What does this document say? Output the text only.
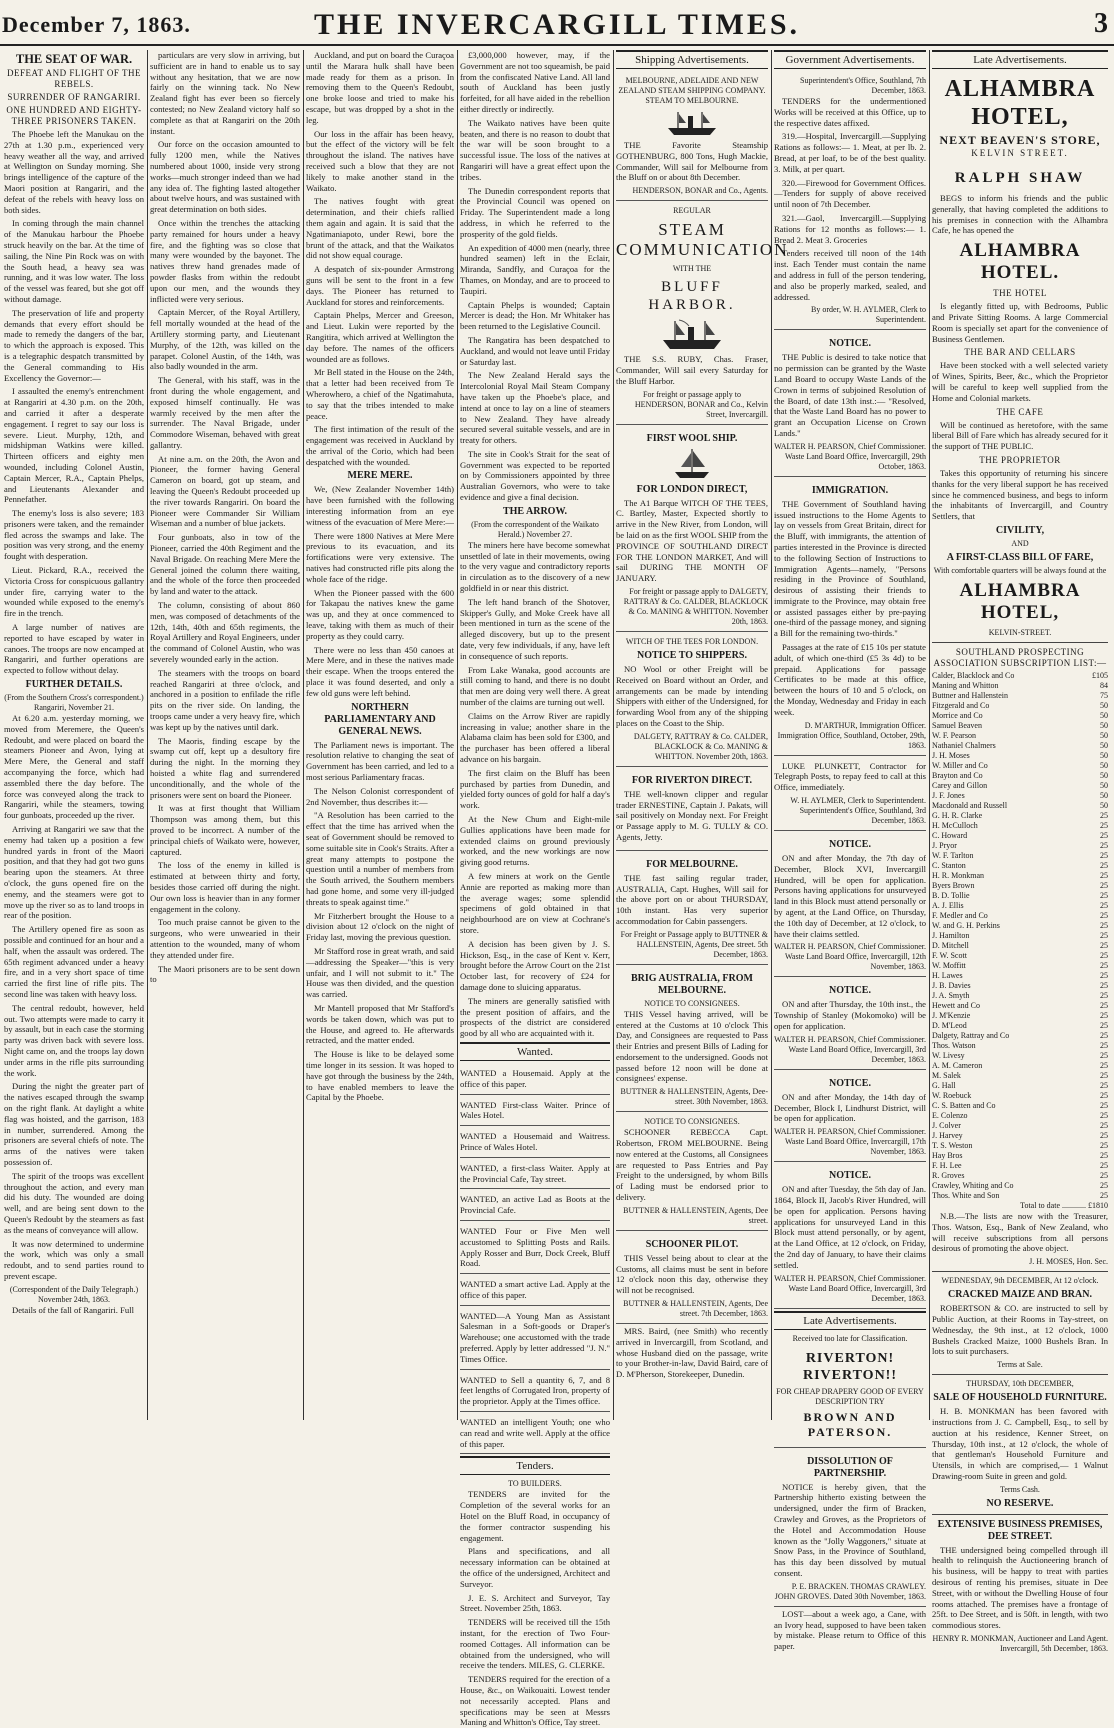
December 7, 1863.	THE INVERCARGILL TIMES.	3
THE SEAT OF WAR.
DEFEAT AND FLIGHT OF THE REBELS.
SURRENDER OF RANGARIRI.
ONE HUNDRED AND EIGHTY-THREE PRISONERS TAKEN.

The Phoebe left the Manukau on the 27th at 1.30 p.m., experienced very heavy weather all the way, and arrived at Wellington on Sunday morning. She brings intelligence of the capture of the Maori position at Rangariri, and the defeat of the rebels with heavy loss on both sides.

In coming through the main channel of the Manukau harbour the Phoebe struck heavily on the bar. At the time of sailing, the Nine Pin Rock was on with the South head, a heavy sea was running, and it was low water. The loss of the vessel was feared, but she got off without damage.

The preservation of life and property demands that every effort should be made to remedy the dangers of the bar, to which the approach is exposed. This is a telegraphic despatch transmitted by the General commanding to His Excellency the Governor:—

I assaulted the enemy's entrenchment at Rangariri at 4.30 p.m. on the 20th, and carried it after a desperate engagement. I regret to say our loss is severe. Lieut. Murphy, 12th, and midshipman Watkins were killed. Thirteen officers and eighty men wounded, including Colonel Austin, Captain Mercer, R.A., Captain Phelps, and Lieutenants Alexander and Pennefather.

The enemy's loss is also severe; 183 prisoners were taken, and the remainder fled across the swamps and lake. The position was very strong, and the enemy fought with desperation.

Lieut. Pickard, R.A., received the Victoria Cross for conspicuous gallantry under fire, carrying water to the wounded while exposed to the enemy's fire in the trench.

A large number of natives are reported to have escaped by water in canoes. The troops are now encamped at Rangariri, and further operations are expected to follow without delay.

FURTHER DETAILS.
(From the Southern Cross's correspondent.) Rangariri, November 21.

At 6.20 a.m. yesterday morning, we moved from Meremere, the Queen's Redoubt, and were placed on board the steamers Pioneer and Avon, lying at Mere Mere, the General and staff accompanying the force, which had assembled there the day before. The force was conveyed along the track to Rangariri, while the steamers, towing four gunboats, proceeded up the river.

Arriving at Rangariri we saw that the enemy had taken up a position a few hundred yards in front of the Maori position, and that they had got two guns bearing upon the steamers. At three o'clock, the guns opened fire on the enemy, and the steamers were got to move up the river so as to land troops in rear of the position.

The Artillery opened fire as soon as possible and continued for an hour and a half, when the assault was ordered. The 65th regiment advanced under a heavy fire, and in a very short space of time carried the first line of rifle pits. The second line was taken with heavy loss.

The central redoubt, however, held out. Two attempts were made to carry it by assault, but in each case the storming party was driven back with severe loss. Night came on, and the troops lay down under arms in the rifle pits surrounding the work.

During the night the greater part of the natives escaped through the swamp on the right flank. At daylight a white flag was hoisted, and the garrison, 183 in number, surrendered. Among the prisoners are several chiefs of note. The arms of the natives were taken possession of.

The spirit of the troops was excellent throughout the action, and every man did his duty. The wounded are doing well, and are being sent down to the Queen's Redoubt by the steamers as fast as the means of conveyance will allow.

It was now determined to undermine the work, which was only a small redoubt, and to send parties round to prevent escape.

(Correspondent of the Daily Telegraph.) November 24th, 1863.

Details of the fall of Rangariri. Full

particulars are very slow in arriving, but sufficient are in hand to enable us to say without any hesitation, that we are now fairly on the winning tack. No New Zealand fight has ever been so fiercely contested; no New Zealand victory half so complete as that at Rangariri on the 20th instant.

Our force on the occasion amounted to fully 1200 men, while the Natives numbered about 1000, inside very strong works—much stronger indeed than we had any idea of. The fighting lasted altogether about twelve hours, and was sustained with great determination on both sides.

Once within the trenches the attacking party remained for hours under a heavy fire, and the fighting was so close that many were wounded by the bayonet. The natives threw hand grenades made of powder flasks from within the redoubt upon our men, and the wounds they inflicted were very serious.

Captain Mercer, of the Royal Artillery, fell mortally wounded at the head of the Artillery storming party, and Lieutenant Murphy, of the 12th, was killed on the parapet. Colonel Austin, of the 14th, was also badly wounded in the arm.

The General, with his staff, was in the front during the whole engagement, and exposed himself continually. He was warmly received by the men after the surrender. The Naval Brigade, under Commodore Wiseman, behaved with great gallantry.

At nine a.m. on the 20th, the Avon and Pioneer, the former having General Cameron on board, got up steam, and leaving the Queen's Redoubt proceeded up the river towards Rangariri. On board the Pioneer were Commander Sir William Wiseman and a number of blue jackets.

Four gunboats, also in tow of the Pioneer, carried the 40th Regiment and the Naval Brigade. On reaching Mere Mere the General joined the column there waiting, and the whole of the force then proceeded by land and water to the attack.

The column, consisting of about 860 men, was composed of detachments of the 12th, 14th, 40th and 65th regiments, the Royal Artillery and Royal Engineers, under the command of Colonel Austin, who was severely wounded early in the action.

The steamers with the troops on board reached Rangariri at three o'clock, and anchored in a position to enfilade the rifle pits on the river side. On landing, the troops came under a very heavy fire, which was kept up by the natives until dark.

The Maoris, finding escape by the swamp cut off, kept up a desultory fire during the night. In the morning they hoisted a white flag and surrendered unconditionally, and the whole of the prisoners were sent on board the Pioneer.

It was at first thought that William Thompson was among them, but this proved to be incorrect. A number of the principal chiefs of Waikato were, however, captured.

The loss of the enemy in killed is estimated at between thirty and forty, besides those carried off during the night. Our own loss is heavier than in any former engagement in the colony.

Too much praise cannot be given to the surgeons, who were unwearied in their attention to the wounded, many of whom they attended under fire.

The Maori prisoners are to be sent down to

Auckland, and put on board the Curaçoa until the Marara hulk shall have been made ready for them as a prison. In removing them to the Queen's Redoubt, one broke loose and tried to make his escape, but was dropped by a shot in the leg.

Our loss in the affair has been heavy, but the effect of the victory will be felt throughout the island. The natives have received such a blow that they are not likely to make another stand in the Waikato.

The natives fought with great determination, and their chiefs rallied them again and again. It is said that the Ngatimaniapoto, under Rewi, bore the brunt of the attack, and that the Waikatos did not show equal courage.

A despatch of six-pounder Armstrong guns will be sent to the front in a few days. The Pioneer has returned to Auckland for stores and reinforcements.

Captain Phelps, Mercer and Greeson, and Lieut. Lukin were reported by the Rangitira, which arrived at Wellington the day before. The names of the officers wounded are as follows.

Mr Bell stated in the House on the 24th, that a letter had been received from Te Wherowhero, a chief of the Ngatimahuta, to say that the tribes intended to make peace.

The first intimation of the result of the engagement was received in Auckland by the arrival of the Corio, which had been despatched with the wounded.

MERE MERE.

We, (New Zealander November 14th) have been furnished with the following interesting information from an eye witness of the evacuation of Mere Mere:—

There were 1800 Natives at Mere Mere previous to its evacuation, and its fortifications were very extensive. The natives had constructed rifle pits along the whole face of the ridge.

When the Pioneer passed with the 600 for Takapau the natives knew the game was up, and they at once commenced to leave, taking with them as much of their property as they could carry.

There were no less than 450 canoes at Mere Mere, and in these the natives made their escape. When the troops entered the place it was found deserted, and only a few old guns were left behind.

NORTHERN PARLIAMENTARY AND GENERAL NEWS.

The Parliament news is important. The resolution relative to changing the seat of Government has been carried, and led to a most serious Parliamentary fracas.

The Nelson Colonist correspondent of 2nd November, thus describes it:—

"A Resolution has been carried to the effect that the time has arrived when the seat of Government should be removed to some suitable site in Cook's Straits. After a great many attempts to postpone the question until a number of members from the South arrived, the Southern members had gone home, and some very ill-judged threats to speak against time."

Mr Fitzherbert brought the House to a division about 12 o'clock on the night of Friday last, moving the previous question.

Mr Stafford rose in great wrath, and said—addressing the Speaker—"this is very unfair, and I will not submit to it." The House was then divided, and the question was carried.

Mr Mantell proposed that Mr Stafford's words be taken down, which was put to the House, and agreed to. He afterwards retracted, and the matter ended.

The House is like to be delayed some time longer in its session. It was hoped to have got through the business by the 24th, to have enabled members to leave the Capital by the Phoebe.

£3,000,000 however, may, if the Government are not too squeamish, be paid from the confiscated Native Land. All land south of Auckland has been justly forfeited, for all have aided in the rebellion either directly or indirectly.

The Waikato natives have been quite beaten, and there is no reason to doubt that the war will be soon brought to a successful issue. The loss of the natives at Rangariri will have a great effect upon the tribes.

The Dunedin correspondent reports that the Provincial Council was opened on Friday. The Superintendent made a long address, in which he referred to the prosperity of the gold fields.

An expedition of 4000 men (nearly, three hundred seamen) left in the Eclair, Miranda, Sandfly, and Curaçoa for the Thames, on Monday, and are to proceed to Taupiri.

Captain Phelps is wounded; Captain Mercer is dead; the Hon. Mr Whitaker has been returned to the Legislative Council.

The Rangatira has been despatched to Auckland, and would not leave until Friday or Saturday last.

The New Zealand Herald says the Intercolonial Royal Mail Steam Company have taken up the Phoebe's place, and intend at once to lay on a line of steamers to New Zealand. They have already secured several suitable vessels, and are in treaty for others.

The site in Cook's Strait for the seat of Government was expected to be reported on by Commissioners appointed by three Australian Governors, who were to take evidence and give a final decision.

THE ARROW.
(From the correspondent of the Waikato Herald.) November 27.

The miners here have become somewhat unsettled of late in their movements, owing to the very vague and contradictory reports in circulation as to the discovery of a new goldfield in or near this district.

The left hand branch of the Shotover, Skipper's Gully, and Moke Creek have all been mentioned in turn as the scene of the alleged discovery, but up to the present date, very few individuals, if any, have left in consequence of such reports.

From Lake Wanaka, good accounts are still coming to hand, and there is no doubt that men are doing very well there. A great number of the claims are turning out well.

Claims on the Arrow River are rapidly increasing in value; another share in the Alabama claim has been sold for £300, and the purchaser has been offered a liberal advance on his bargain.

The first claim on the Bluff has been purchased by parties from Dunedin, and yielded forty ounces of gold for half a day's work.

At the New Chum and Eight-mile Gullies applications have been made for extended claims on ground previously worked, and the new workings are now giving good returns.

A few miners at work on the Gentle Annie are reported as making more than the average wages; some splendid specimens of gold obtained in that neighbourhood are on view at Cochrane's store.

A decision has been given by J. S. Hickson, Esq., in the case of Kent v. Kerr, brought before the Arrow Court on the 21st October last, for recovery of £24 for damage done to sluicing apparatus.

The miners are generally satisfied with the present position of affairs, and the prospects of the district are considered good by all who are acquainted with it.

Wanted.
WANTED a Housemaid. Apply at the office of this paper.
WANTED First-class Waiter. Prince of Wales Hotel.
WANTED a Housemaid and Waitress. Prince of Wales Hotel.
WANTED, a first-class Waiter. Apply at the Provincial Cafe, Tay street.
WANTED, an active Lad as Boots at the Provincial Cafe.
WANTED Four or Five Men well accustomed to Splitting Posts and Rails. Apply Rosser and Burr, Dock Creek, Bluff Road.
WANTED a smart active Lad. Apply at the office of this paper.
WANTED—A Young Man as Assistant Salesman in a Soft-goods or Draper's Warehouse; one accustomed with the trade preferred. Apply by letter addressed "J. N." Times Office.
WANTED to Sell a quantity 6, 7, and 8 feet lengths of Corrugated Iron, property of the proprietor. Apply at the Times office.
WANTED an intelligent Youth; one who can read and write well. Apply at the office of this paper.
Tenders.
TO BUILDERS.

TENDERS are invited for the Completion of the several works for an Hotel on the Bluff Road, in occupancy of the former contractor suspending his engagement.

Plans and specifications, and all necessary information can be obtained at the office of the undersigned, Architect and Surveyor.

J. E. S. Architect and Surveyor, Tay Street. November 25th, 1863.

TENDERS will be received till the 15th instant, for the erection of Two Four-roomed Cottages. All information can be obtained from the undersigned, who will receive the tenders. MILES, G. CLERKE.

TENDERS required for the erection of a House, &c., on Waikouaiti. Lowest tender not necessarily accepted. Plans and specifications may be seen at Messrs Maning and Whitton's Office, Tay street.

Shipping Advertisements.
MELBOURNE, ADELAIDE AND NEW ZEALAND STEAM SHIPPING COMPANY.
STEAM TO MELBOURNE.

THE Favorite Steamship GOTHENBURG, 800 Tons, Hugh Mackie, Commander, Will sail for Melbourne from the Bluff on or about 8th December.

HENDERSON, BONAR and Co., Agents.
REGULAR
STEAM COMMUNICATION
WITH THE
BLUFF HARBOR.

THE S.S. RUBY, Chas. Fraser, Commander, Will sail every Saturday for the Bluff Harbor.

For freight or passage apply to
HENDERSON, BONAR and Co., Kelvin Street, Invercargill.
FIRST WOOL SHIP.
FOR LONDON DIRECT,

The A1 Barque WITCH OF THE TEES, C. Bartley, Master, Expected shortly to arrive in the New River, from London, will be laid on as the first WOOL SHIP from the PROVINCE OF SOUTHLAND DIRECT FOR THE LONDON MARKET, And will sail DURING THE MONTH OF JANUARY.

For freight or passage apply to DALGETY, RATTRAY & Co. CALDER, BLACKLOCK & Co. MANING & WHITTON. November 20th, 1863.
WITCH OF THE TEES FOR LONDON.
NOTICE TO SHIPPERS.

NO Wool or other Freight will be Received on Board without an Order, and arrangements can be made by intending Shippers with either of the Undersigned, for forwarding Wool from any of the shipping places on the Coast to the Ship.

DALGETY, RATTRAY & Co. CALDER, BLACKLOCK & Co. MANING & WHITTON. November 20th, 1863.
FOR RIVERTON DIRECT.

THE well-known clipper and regular trader ERNESTINE, Captain J. Pakats, will sail positively on Monday next. For Freight or Passage apply to M. G. TULLY & CO. Agents, Jetty.

FOR MELBOURNE.

THE fast sailing regular trader, AUSTRALIA, Capt. Hughes, Will sail for the above port on or about THURSDAY, 10th instant. Has very superior accommodation for Cabin passengers.

For Freight or Passage apply to BUTTNER & HALLENSTEIN, Agents, Dee street. 5th December, 1863.
BRIG AUSTRALIA, FROM MELBOURNE.
NOTICE TO CONSIGNEES.

THIS Vessel having arrived, will be entered at the Customs at 10 o'clock This Day, and Consignees are requested to Pass their Entries and present Bills of Lading for endorsement to the undersigned. Goods not passed before 12 noon will be done at consignees' expense.

BUTTNER & HALLENSTEIN, Agents, Dee-street. 30th November, 1863.
NOTICE TO CONSIGNEES.

SCHOONER REBECCA Capt. Robertson, FROM MELBOURNE. Being now entered at the Customs, all Consignees are requested to Pass Entries and Pay Freight to the undersigned, by whom Bills of Lading must be endorsed prior to delivery.

BUTTNER & HALLENSTEIN, Agents, Dee street.
SCHOONER PILOT.

THIS Vessel being about to clear at the Customs, all claims must be sent in before 12 o'clock noon this day, otherwise they will not be recognised.

BUTTNER & HALLENSTEIN, Agents, Dee street. 7th December, 1863.

MRS. Baird, (nee Smith) who recently arrived in Invercargill, from Scotland, and whose Husband died on the passage, write to your Brother-in-law, David Baird, care of D. M'Pherson, Storekeeper, Dunedin.

Government Advertisements.
Superintendent's Office, Southland, 7th December, 1863.

TENDERS for the undermentioned Works will be received at this Office, up to the respective dates affixed.

319.—Hospital, Invercargill.—Supplying Rations as follows:— 1. Meat, at per lb. 2. Bread, at per loaf, to be of the best quality. 3. Milk, at per quart.

320.—Firewood for Government Offices.—Tenders for supply of above received until noon of 7th December.

321.—Gaol, Invercargill.—Supplying Rations for 12 months as follows:— 1. Bread 2. Meat 3. Groceries

Tenders received till noon of the 14th inst. Each Tender must contain the name and address in full of the person tendering, and also be properly marked, sealed, and addressed.

By order, W. H. AYLMER, Clerk to Superintendent.
NOTICE.

THE Public is desired to take notice that no permission can be granted by the Waste Land Board to occupy Waste Lands of the Crown in terms of subjoined Resolution of the Board, of date 13th inst.:— "Resolved, that the Waste Land Board has no power to grant an Occupation License on Crown Lands."

WALTER H. PEARSON, Chief Commissioner. Waste Land Board Office, Invercargill, 29th October, 1863.
IMMIGRATION.

THE Government of Southland having issued instructions to the Home Agents to lay on vessels from Great Britain, direct for the Bluff, with immigrants, the attention of parties interested in the Province is directed to the following Section of Instructions to Immigration Agents—namely, "Persons residing in the Province of Southland, desirous of assisting their friends to immigrate to the Province, may obtain free or assisted passages either by pre-paying one-third of the passage money, and signing a Bill for the remaining two-thirds."

Passages at the rate of £15 10s per statute adult, of which one-third (£5 3s 4d) to be prepaid. Applications for passage Certificates to be made at this office, between the hours of 10 and 5 o'clock, on the Monday, Wednesday and Friday in each week.

D. M'ARTHUR, Immigration Officer. Immigration Office, Southland, October, 29th, 1863.

LUKE PLUNKETT, Contractor for Telegraph Posts, to repay feed to call at this Office, immediately.

W. H. AYLMER, Clerk to Superintendent. Superintendent's Office, Southland, 3rd December, 1863.
NOTICE.

ON and after Monday, the 7th day of December, Block XVI, Invercargill Hundred, will be open for application. Persons having applications for unsurveyed land in this Block must attend personally or by agent, at the Land Office, on Thursday, the 10th day of December, at 12 o'clock, to have their claims settled.

WALTER H. PEARSON, Chief Commissioner. Waste Land Board Office, Invercargill, 12th November, 1863.
NOTICE.

ON and after Thursday, the 10th inst., the Township of Stanley (Mokomoko) will be open for application.

WALTER H. PEARSON, Chief Commissioner. Waste Land Board Office, Invercargill, 3rd December, 1863.
NOTICE.

ON and after Monday, the 14th day of December, Block I, Lindhurst District, will be open for application.

WALTER H. PEARSON, Chief Commissioner. Waste Land Board Office, Invercargill, 17th November, 1863.
NOTICE.

ON and after Tuesday, the 5th day of Jan. 1864, Block II, Jacob's River Hundred, will be open for application. Persons having applications for unsurveyed Land in this Block must attend personally, or by agent, at the Land Office, at 12 o'clock, on Friday, the 2nd day of January, to have their claims settled.

WALTER H. PEARSON, Chief Commissioner. Waste Land Board Office, Invercargill, 3rd December, 1863.
Late Advertisements.
Received too late for Classification.
RIVERTON! RIVERTON!!
FOR CHEAP DRAPERY GOOD OF EVERY DESCRIPTION TRY
BROWN AND PATERSON.
DISSOLUTION OF PARTNERSHIP.

NOTICE is hereby given, that the Partnership hitherto existing between the undersigned, under the firm of Bracken, Crawley and Groves, as the Proprietors of the Hotel and Accommodation House known as the "Jolly Waggoners," situate at Snow Pass, in the Province of Southland, has this day been dissolved by mutual consent.

P. E. BRACKEN. THOMAS CRAWLEY. JOHN GROVES. Dated 30th November, 1863.

LOST—about a week ago, a Cane, with an Ivory head, supposed to have been taken by mistake. Please return to Office of this paper.

Late Advertisements.
ALHAMBRA HOTEL,
NEXT BEAVEN'S STORE,
KELVIN STREET.
RALPH SHAW

BEGS to inform his friends and the public generally, that having completed the additions to his premises in connection with the Alhambra Cafe, he has opened the

ALHAMBRA HOTEL.
THE HOTEL

Is elegantly fitted up, with Bedrooms, Public and Private Sitting Rooms. A large Commercial Room is specially set apart for the convenience of Business Gentlemen.

THE BAR AND CELLARS

Have been stocked with a well selected variety of Wines, Spirits, Beer, &c., which the Proprietor will be careful to keep well supplied from the Home and Colonial markets.

THE CAFE

Will be continued as heretofore, with the same liberal Bill of Fare which has already secured for it the support of THE PUBLIC.

THE PROPRIETOR

Takes this opportunity of returning his sincere thanks for the very liberal support he has received since he commenced business, and begs to inform the inhabitants of Invercargill, and Country Settlers, that

CIVILITY,
AND
A FIRST-CLASS BILL OF FARE,
With comfortable quarters will be always found at the
ALHAMBRA HOTEL,
KELVIN-STREET.
SOUTHLAND PROSPECTING ASSOCIATION SUBSCRIPTION LIST:—
Calder, Blacklock and Co	£105
Maning and Whitton	84
Buttner and Hallenstein	75
Fitzgerald and Co	50
Morrice and Co	50
Samuel Beaven	50
W. F. Pearson	50
Nathaniel Chalmers	50
J. H. Moses	50
W. Miller and Co	50
Brayton and Co	50
Carey and Gillon	50
J. F. Jones	50
Macdonald and Russell	50
G. H. R. Clarke	25
H. McCulloch	25
C. Howard	25
J. Pryor	25
W. F. Tarlton	25
C. Stanton	25
H. R. Monkman	25
Byers Brown	25
B. D. Tollie	25
A. J. Ellis	25
F. Medler and Co	25
W. and G. H. Perkins	25
J. Hamilton	25
D. Mitchell	25
F. W. Scott	25
W. Moffitt	25
H. Lawes	25
J. B. Davies	25
J. A. Smyth	25
Hewett and Co	25
J. M'Kenzie	25
D. M'Leod	25
Dalgety, Rattray and Co	25
Thos. Watson	25
W. Livesy	25
A. M. Cameron	25
M. Salek	25
G. Hall	25
W. Roebuck	25
C. S. Batten and Co	25
E. Colenzo	25
J. Colver	25
J. Harvey	25
T. S. Weston	25
Hay Bros	25
F. H. Lee	25
R. Groves	25
Crawley, Whiting and Co	25
Thos. White and Son	25
Total to date ............ £1810

N.B.—The lists are now with the Treasurer, Thos. Watson, Esq., Bank of New Zealand, who will receive subscriptions from all persons desirous of promoting the above object.

J. H. MOSES, Hon. Sec.
WEDNESDAY, 9th DECEMBER, At 12 o'clock.
CRACKED MAIZE AND BRAN.

ROBERTSON & CO. are instructed to sell by Public Auction, at their Rooms in Tay-street, on Wednesday, the 9th inst., at 12 o'clock, 1000 Bushels Cracked Maize, 1000 Bushels Bran. In lots to suit purchasers.

Terms at Sale.
THURSDAY, 10th DECEMBER,
SALE OF HOUSEHOLD FURNITURE.

H. B. MONKMAN has been favored with instructions from J. C. Campbell, Esq., to sell by auction at his residence, Kenner Street, on Thursday, 10th inst., at 12 o'clock, the whole of that gentleman's Household Furniture and Utensils, in which are comprised,— 1 Walnut Drawing-room Suite in green and gold.

Terms Cash.
NO RESERVE.
EXTENSIVE BUSINESS PREMISES, DEE STREET.

THE undersigned being compelled through ill health to relinquish the Auctioneering branch of his business, will be happy to treat with parties desirous of renting his premises, situate in Dee Street, with or without the Dwelling House of four rooms attached. The premises have a frontage of 25ft. to Dee Street, and is 50ft. in length, with two commodious stores.

HENRY R. MONKMAN, Auctioneer and Land Agent. Invercargill, 5th December, 1863.
